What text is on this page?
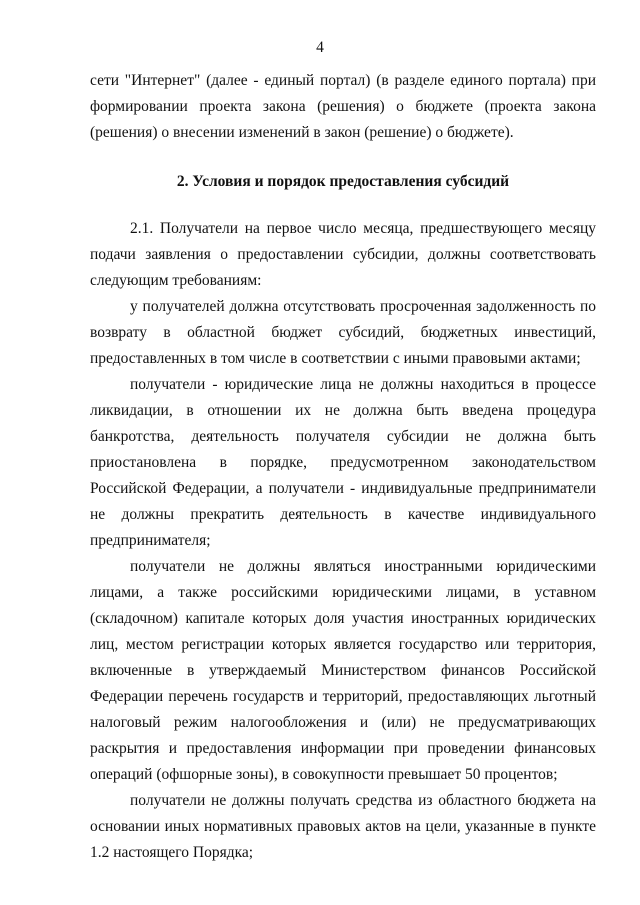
4

сети "Интернет" (далее - единый портал) (в разделе единого портала) при формировании проекта закона (решения) о бюджете (проекта закона (решения) о внесении изменений в закон (решение) о бюджете).

2. Условия и порядок предоставления субсидий

2.1. Получатели на первое число месяца, предшествующего месяцу подачи заявления о предоставлении субсидии, должны соответствовать следующим требованиям:

у получателей должна отсутствовать просроченная задолженность по возврату в областной бюджет субсидий, бюджетных инвестиций, предоставленных в том числе в соответствии с иными правовыми актами;

получатели - юридические лица не должны находиться в процессе ликвидации, в отношении их не должна быть введена процедура банкротства, деятельность получателя субсидии не должна быть приостановлена в порядке, предусмотренном законодательством Российской Федерации, а получатели - индивидуальные предприниматели не должны прекратить деятельность в качестве индивидуального предпринимателя;

получатели не должны являться иностранными юридическими лицами, а также российскими юридическими лицами, в уставном (складочном) капитале которых доля участия иностранных юридических лиц, местом регистрации которых является государство или территория, включенные в утверждаемый Министерством финансов Российской Федерации перечень государств и территорий, предоставляющих льготный налоговый режим налогообложения и (или) не предусматривающих раскрытия и предоставления информации при проведении финансовых операций (офшорные зоны), в совокупности превышает 50 процентов;

получатели не должны получать средства из областного бюджета на основании иных нормативных правовых актов на цели, указанные в пункте 1.2 настоящего Порядка;
